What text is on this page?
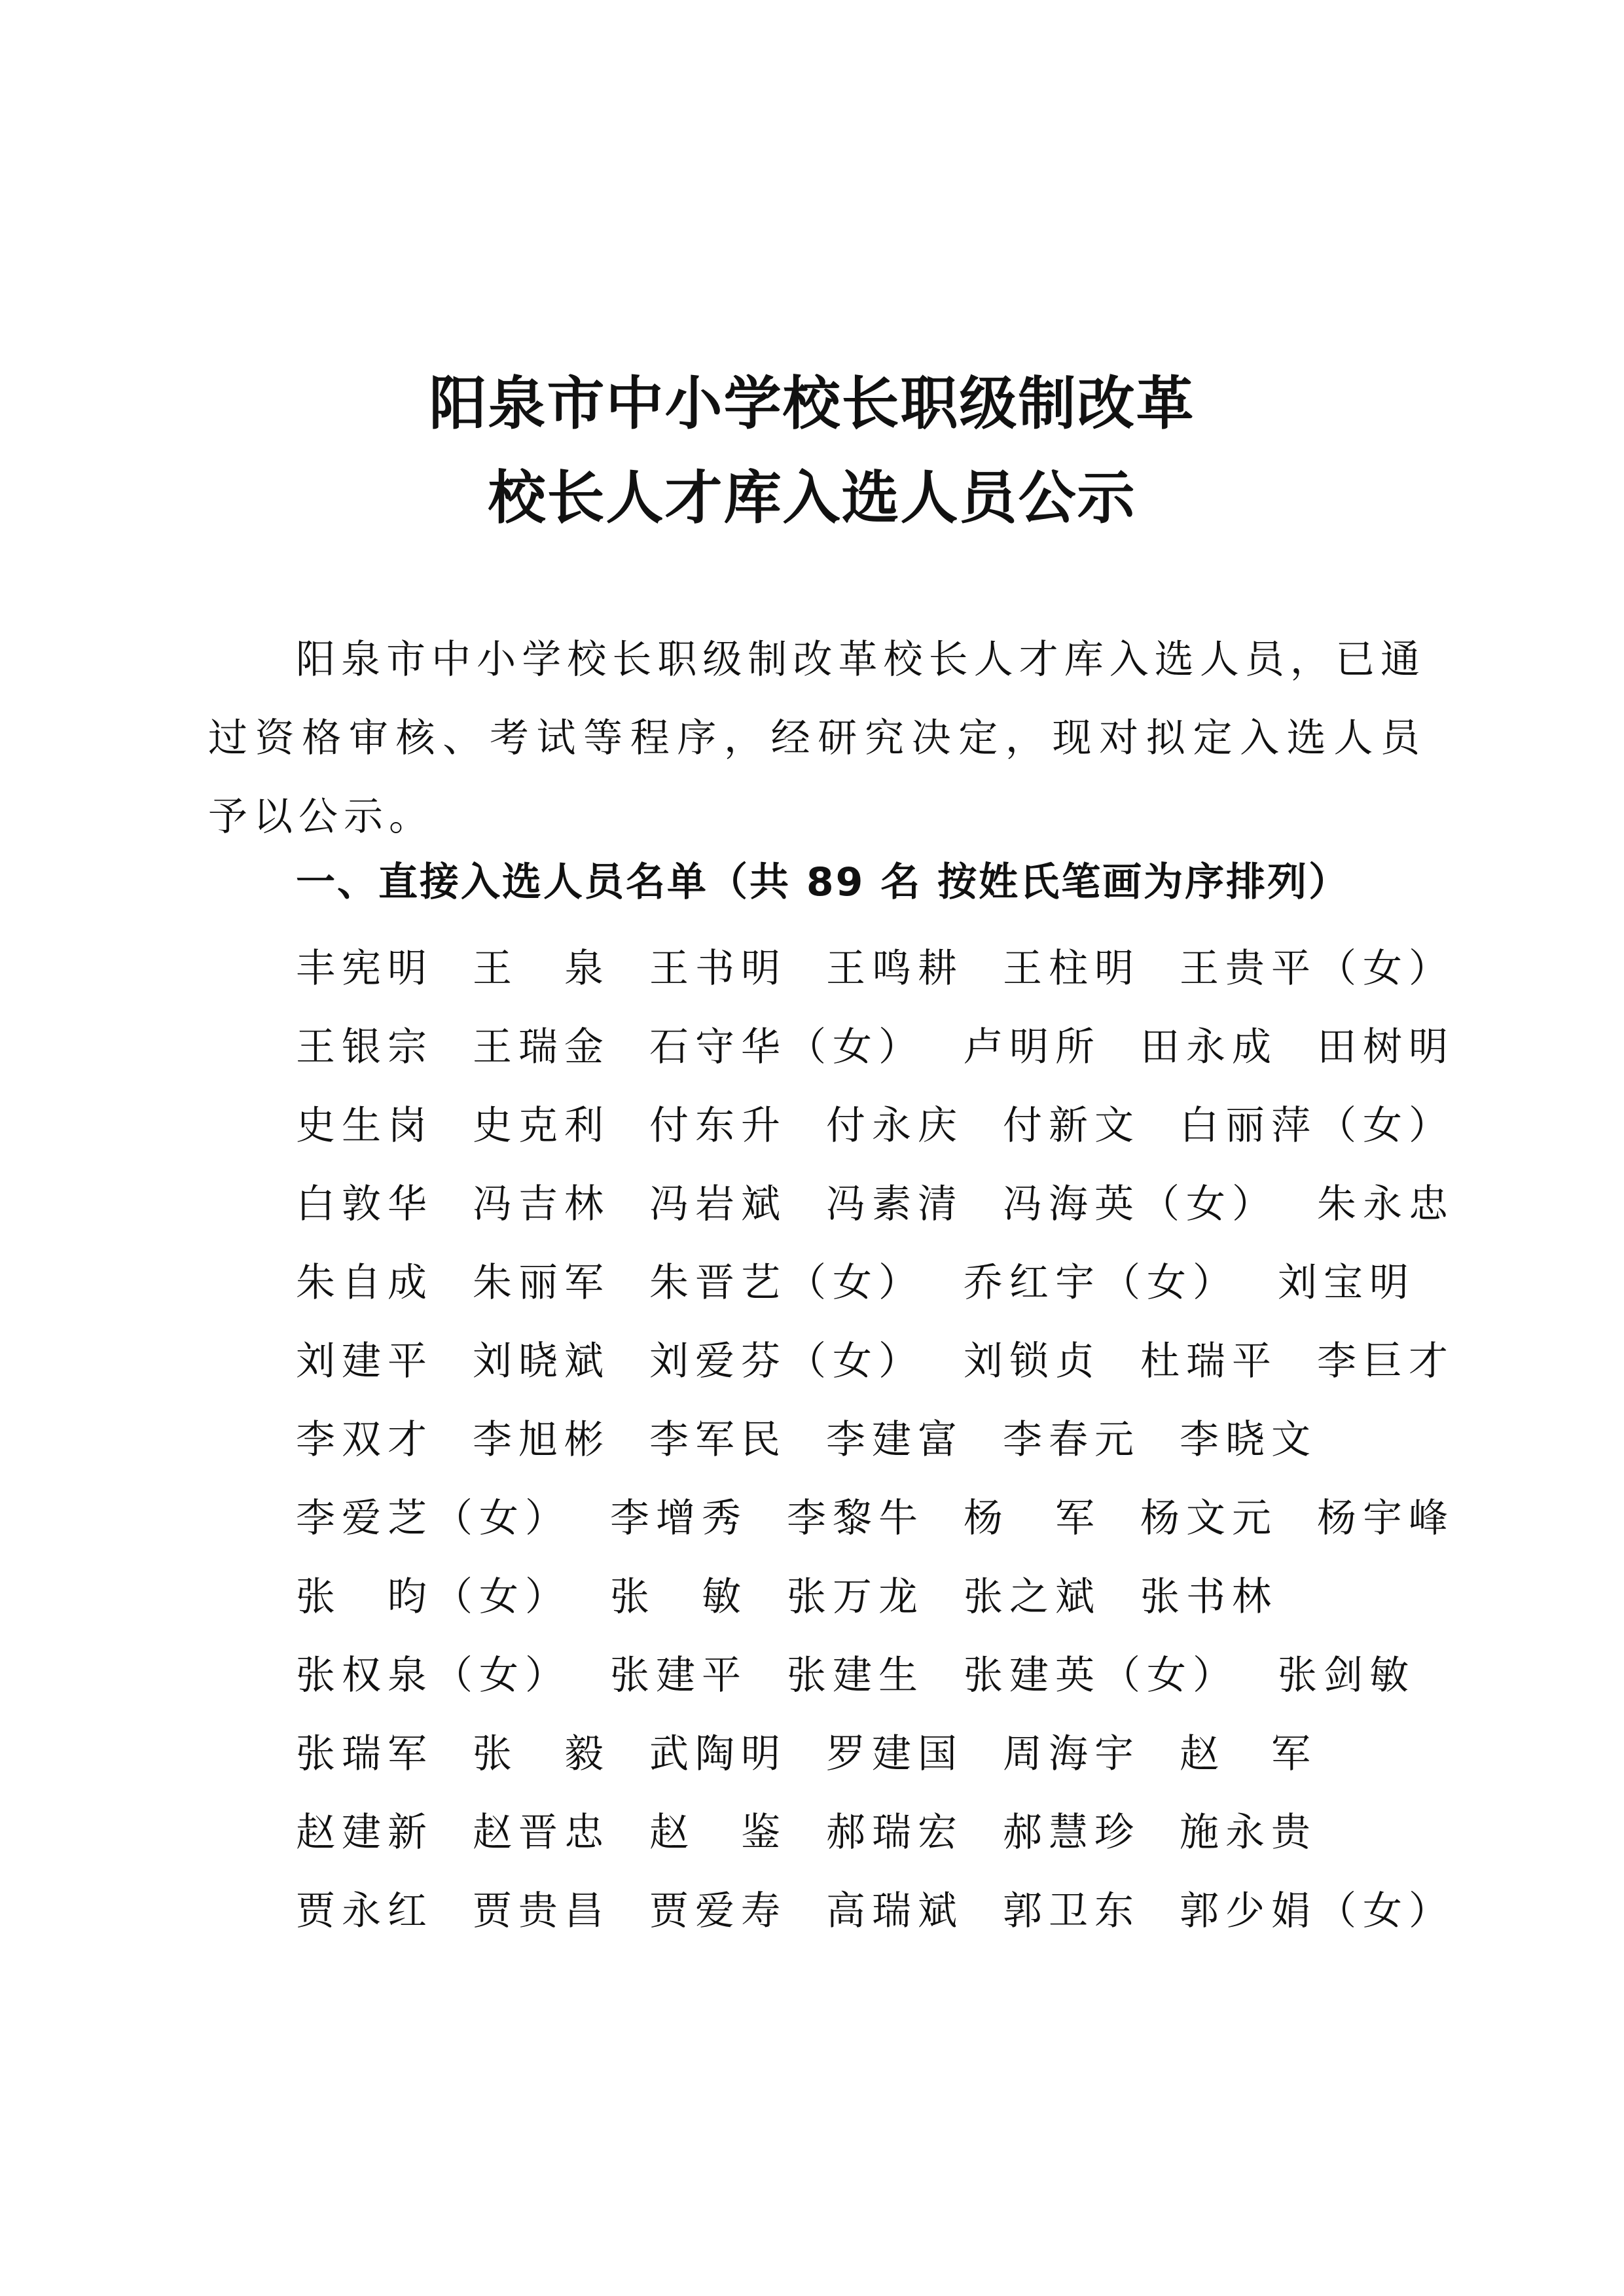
阳泉市中小学校长职级制改革
校长人才库入选人员公示
阳泉市中小学校长职级制改革校长人才库入选人员，已通过资格审核、考试等程序，经研究决定，现对拟定入选人员予以公示。
一、直接入选人员名单（共 89 名 按姓氏笔画为序排列）
丰宪明 王　泉 王书明 王鸣耕 王柱明 王贵平（女）
王银宗 王瑞金 石守华（女） 卢明所 田永成 田树明
史生岗 史克利 付东升 付永庆 付新文 白丽萍（女）
白敦华 冯吉林 冯岩斌 冯素清 冯海英（女） 朱永忠
朱自成 朱丽军 朱晋艺（女） 乔红宇（女） 刘宝明
刘建平 刘晓斌 刘爱芬（女） 刘锁贞 杜瑞平 李巨才
李双才 李旭彬 李军民 李建富 李春元 李晓文
李爱芝（女） 李增秀 李黎牛 杨　军 杨文元 杨宇峰
张　昀（女） 张　敏 张万龙 张之斌 张书林
张权泉（女） 张建平 张建生 张建英（女） 张剑敏
张瑞军 张　毅 武陶明 罗建国 周海宇 赵　军
赵建新 赵晋忠 赵　鉴 郝瑞宏 郝慧珍 施永贵
贾永红 贾贵昌 贾爱寿 高瑞斌 郭卫东 郭少娟（女）
